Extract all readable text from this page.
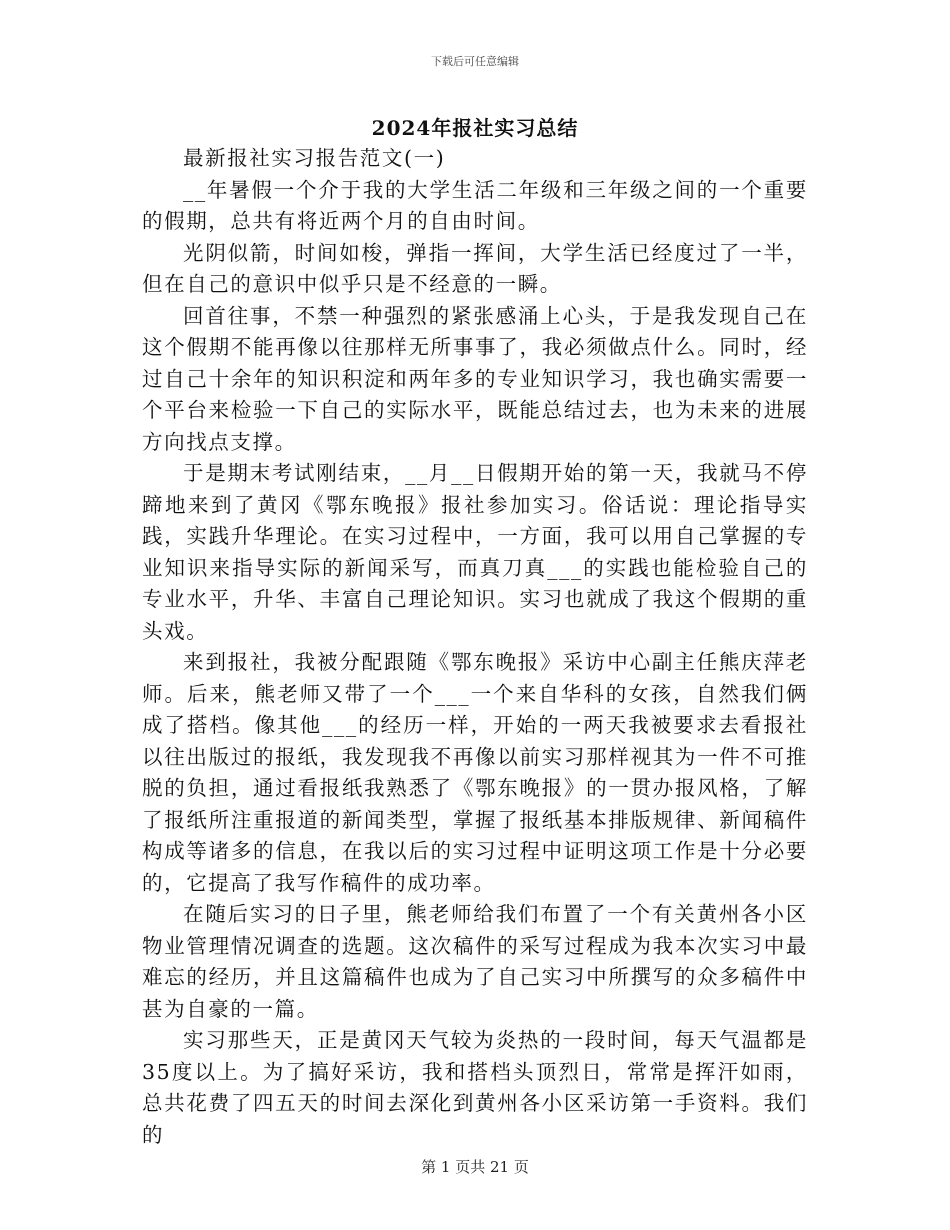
下载后可任意编辑
2024年报社实习总结

最新报社实习报告范文(一)

__年暑假一个介于我的大学生活二年级和三年级之间的一个重要的假期，总共有将近两个月的自由时间。

光阴似箭，时间如梭，弹指一挥间，大学生活已经度过了一半，但在自己的意识中似乎只是不经意的一瞬。

回首往事，不禁一种强烈的紧张感涌上心头，于是我发现自己在这个假期不能再像以往那样无所事事了，我必须做点什么。同时，经过自己十余年的知识积淀和两年多的专业知识学习，我也确实需要一个平台来检验一下自己的实际水平，既能总结过去，也为未来的进展方向找点支撑。

于是期末考试刚结束，__月__日假期开始的第一天，我就马不停蹄地来到了黄冈《鄂东晚报》报社参加实习。俗话说：理论指导实践，实践升华理论。在实习过程中，一方面，我可以用自己掌握的专业知识来指导实际的新闻采写，而真刀真___的实践也能检验自己的专业水平，升华、丰富自己理论知识。实习也就成了我这个假期的重头戏。

来到报社，我被分配跟随《鄂东晚报》采访中心副主任熊庆萍老师。后来，熊老师又带了一个___一个来自华科的女孩，自然我们俩成了搭档。像其他___的经历一样，开始的一两天我被要求去看报社以往出版过的报纸，我发现我不再像以前实习那样视其为一件不可推脱的负担，通过看报纸我熟悉了《鄂东晚报》的一贯办报风格，了解了报纸所注重报道的新闻类型，掌握了报纸基本排版规律、新闻稿件构成等诸多的信息，在我以后的实习过程中证明这项工作是十分必要的，它提高了我写作稿件的成功率。

在随后实习的日子里，熊老师给我们布置了一个有关黄州各小区物业管理情况调查的选题。这次稿件的采写过程成为我本次实习中最难忘的经历，并且这篇稿件也成为了自己实习中所撰写的众多稿件中甚为自豪的一篇。

实习那些天，正是黄冈天气较为炎热的一段时间，每天气温都是35度以上。为了搞好采访，我和搭档头顶烈日，常常是挥汗如雨，总共花费了四五天的时间去深化到黄州各小区采访第一手资料。我们的

第 1 页共 21 页
